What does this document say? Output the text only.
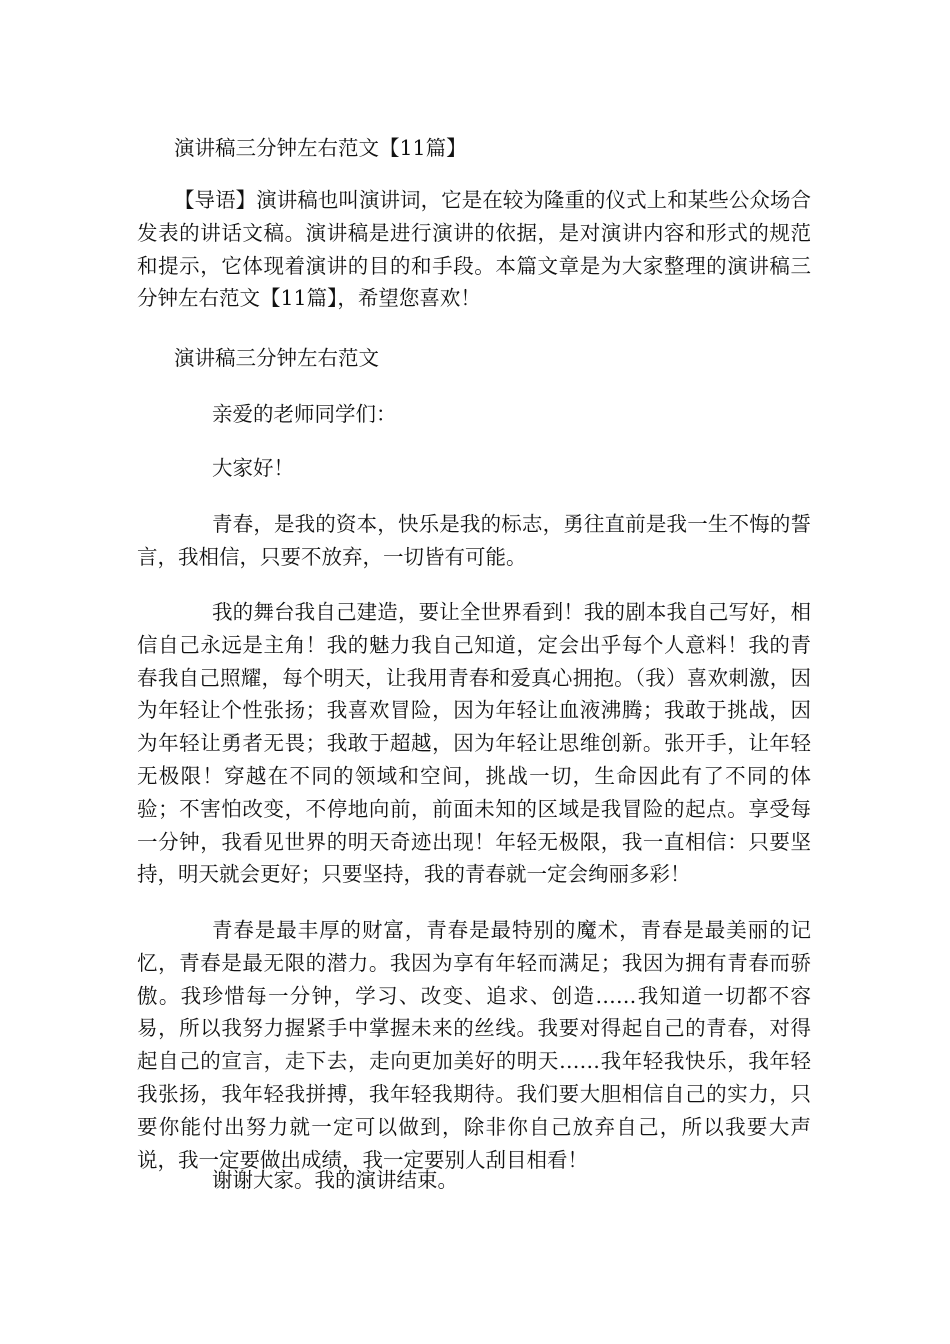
演讲稿三分钟左右范文【11篇】

【导语】演讲稿也叫演讲词，它是在较为隆重的仪式上和某些公众场合发表的讲话文稿。演讲稿是进行演讲的依据，是对演讲内容和形式的规范和提示，它体现着演讲的目的和手段。本篇文章是为大家整理的演讲稿三分钟左右范文【11篇】，希望您喜欢！

演讲稿三分钟左右范文

亲爱的老师同学们：

大家好！

青春，是我的资本，快乐是我的标志，勇往直前是我一生不悔的誓言，我相信，只要不放弃，一切皆有可能。

我的舞台我自己建造，要让全世界看到！我的剧本我自己写好，相信自己永远是主角！我的魅力我自己知道，定会出乎每个人意料！我的青春我自己照耀，每个明天，让我用青春和爱真心拥抱。（我）喜欢刺激，因为年轻让个性张扬；我喜欢冒险，因为年轻让血液沸腾；我敢于挑战，因为年轻让勇者无畏；我敢于超越，因为年轻让思维创新。张开手，让年轻无极限！穿越在不同的领域和空间，挑战一切，生命因此有了不同的体验；不害怕改变，不停地向前，前面未知的区域是我冒险的起点。享受每一分钟，我看见世界的明天奇迹出现！年轻无极限，我一直相信：只要坚持，明天就会更好；只要坚持，我的青春就一定会绚丽多彩！

青春是最丰厚的财富，青春是最特别的魔术，青春是最美丽的记忆，青春是最无限的潜力。我因为享有年轻而满足；我因为拥有青春而骄傲。我珍惜每一分钟，学习、改变、追求、创造……我知道一切都不容易，所以我努力握紧手中掌握未来的丝线。我要对得起自己的青春，对得起自己的宣言，走下去，走向更加美好的明天……我年轻我快乐，我年轻我张扬，我年轻我拼搏，我年轻我期待。我们要大胆相信自己的实力，只要你能付出努力就一定可以做到，除非你自己放弃自己，所以我要大声说，我一定要做出成绩，我一定要别人刮目相看！

谢谢大家。我的演讲结束。
